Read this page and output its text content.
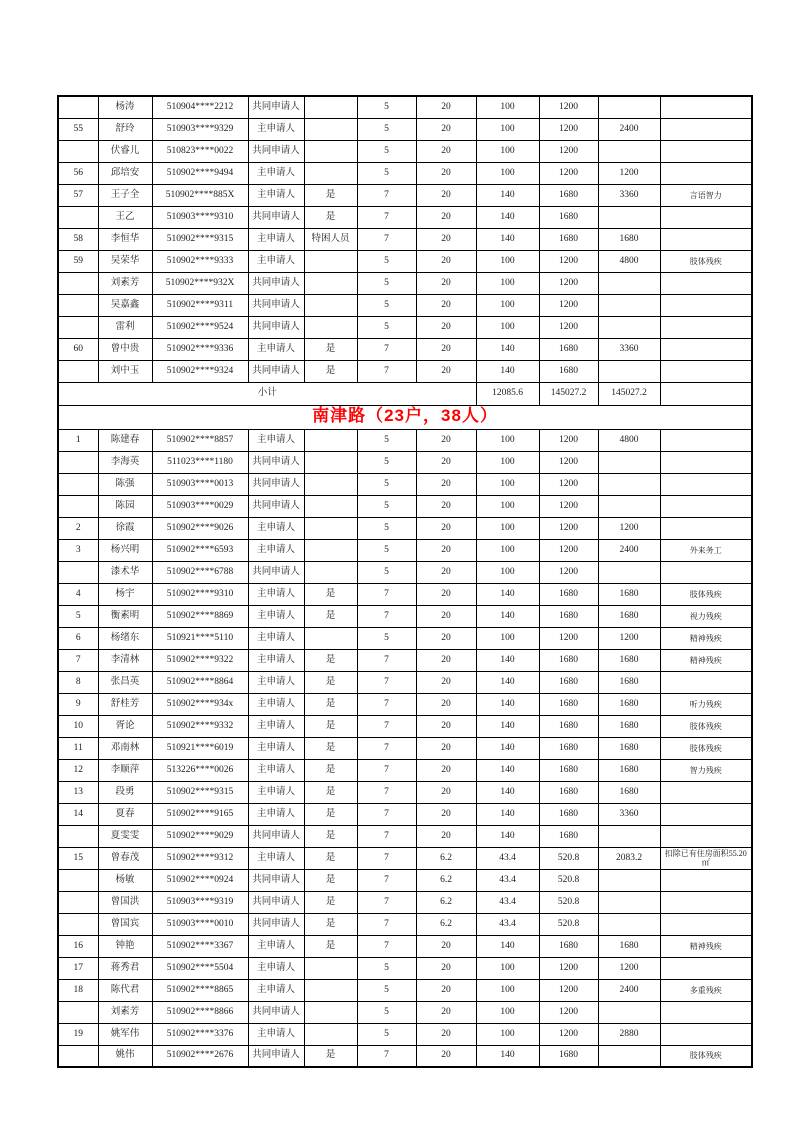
	杨涛	510904****2212	共同申请人		5	20	100	1200		
55	舒玲	510903****9329	主申请人		5	20	100	1200	2400	
	伏睿儿	510823****0022	共同申请人		5	20	100	1200		
56	邱培安	510902****9494	主申请人		5	20	100	1200	1200	
57	王子全	510902****885X	主申请人	是	7	20	140	1680	3360	言语智力
	王乙	510903****9310	共同申请人	是	7	20	140	1680		
58	李恒华	510902****9315	主申请人	特困人员	7	20	140	1680	1680	
59	吴荣华	510902****9333	主申请人		5	20	100	1200	4800	肢体残疾
	刘素芳	510902****932X	共同申请人		5	20	100	1200		
	吴嘉鑫	510902****9311	共同申请人		5	20	100	1200		
	雷利	510902****9524	共同申请人		5	20	100	1200		
60	曾中贵	510902****9336	主申请人	是	7	20	140	1680	3360	
	刘中玉	510902****9324	共同申请人	是	7	20	140	1680		
小计							12085.6	145027.2	145027.2	
南津路（23户，38人）										
1	陈建春	510902****8857	主申请人		5	20	100	1200	4800	
	李海英	511023****1180	共同申请人		5	20	100	1200		
	陈强	510903****0013	共同申请人		5	20	100	1200		
	陈园	510903****0029	共同申请人		5	20	100	1200		
2	徐霞	510902****9026	主申请人		5	20	100	1200	1200	
3	杨兴明	510902****6593	主申请人		5	20	100	1200	2400	外来务工
	漆术华	510902****6788	共同申请人		5	20	100	1200		
4	杨宇	510902****9310	主申请人	是	7	20	140	1680	1680	肢体残疾
5	衡素明	510902****8869	主申请人	是	7	20	140	1680	1680	视力残疾
6	杨绪东	510921****5110	主申请人		5	20	100	1200	1200	精神残疾
7	李清林	510902****9322	主申请人	是	7	20	140	1680	1680	精神残疾
8	张昌英	510902****8864	主申请人	是	7	20	140	1680	1680	
9	舒桂芳	510902****934x	主申请人	是	7	20	140	1680	1680	听力残疾
10	胥论	510902****9332	主申请人	是	7	20	140	1680	1680	肢体残疾
11	邓南林	510921****6019	主申请人	是	7	20	140	1680	1680	肢体残疾
12	李顺萍	513226****0026	主申请人	是	7	20	140	1680	1680	智力残疾
13	段勇	510902****9315	主申请人	是	7	20	140	1680	1680	
14	夏春	510902****9165	主申请人	是	7	20	140	1680	3360	
	夏雯雯	510902****9029	共同申请人	是	7	20	140	1680		
15	曾春茂	510902****9312	主申请人	是	7	6.2	43.4	520.8	2083.2	扣除已有住房面积55.20㎡
	杨敏	510902****0924	共同申请人	是	7	6.2	43.4	520.8		
	曾国洪	510903****9319	共同申请人	是	7	6.2	43.4	520.8		
	曾国宾	510903****0010	共同申请人	是	7	6.2	43.4	520.8		
16	钟艳	510902****3367	主申请人	是	7	20	140	1680	1680	精神残疾
17	蒋秀君	510902****5504	主申请人		5	20	100	1200	1200	
18	陈代君	510902****8865	主申请人		5	20	100	1200	2400	多重残疾
	刘素芳	510902****8866	共同申请人		5	20	100	1200		
19	姚军伟	510902****3376	主申请人		5	20	100	1200	2880	
	姚伟	510902****2676	共同申请人	是	7	20	140	1680		肢体残疾
